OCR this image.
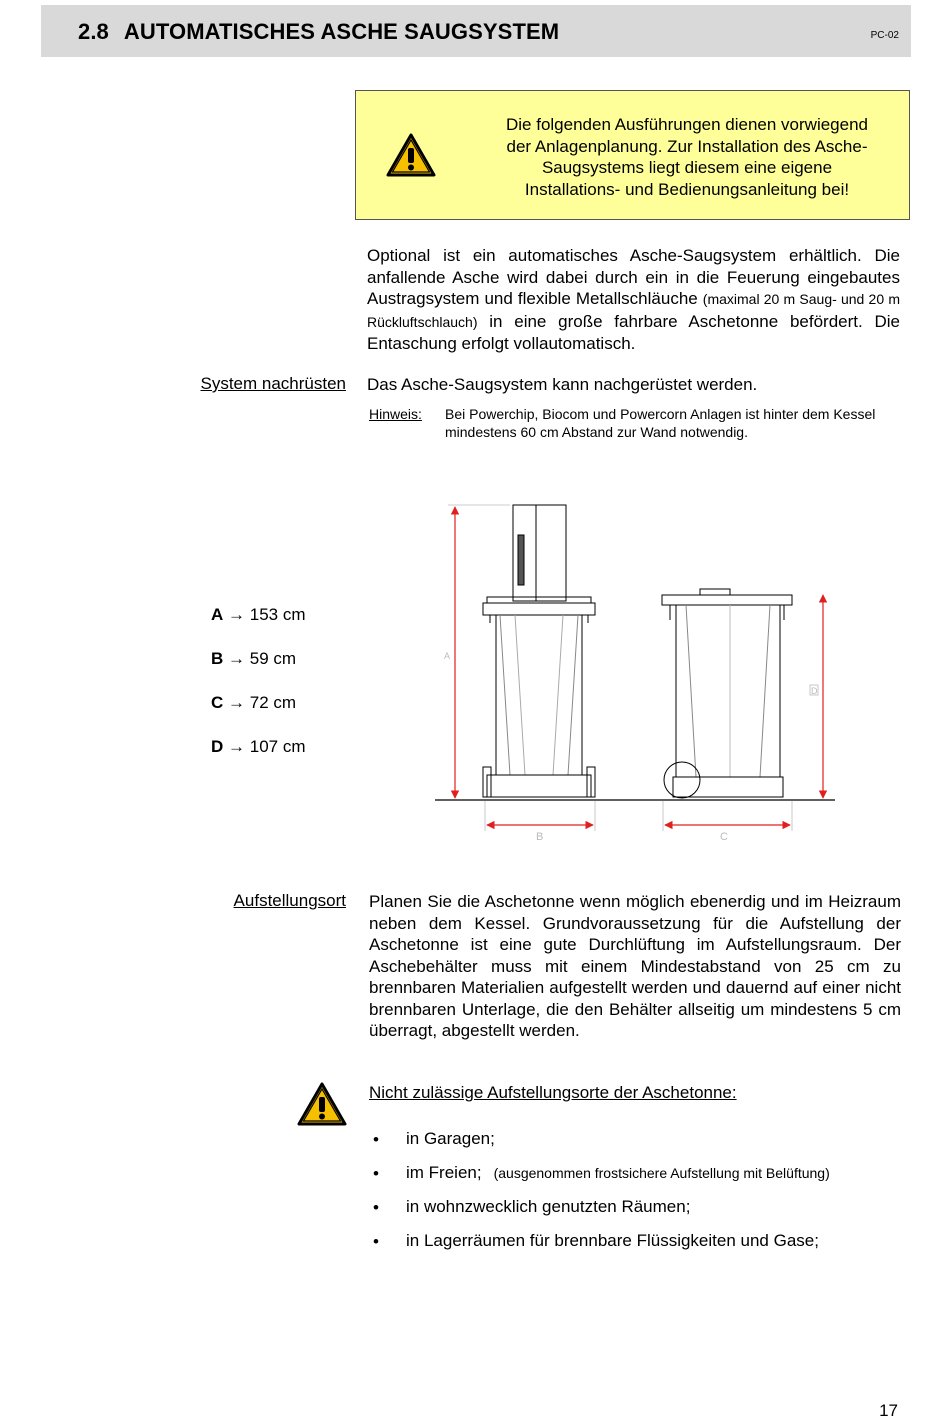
2.8 AUTOMATISCHES ASCHE SAUGSYSTEM	PC-02
Die folgenden Ausführungen dienen vorwiegend
der Anlagenplanung. Zur Installation des Asche-
Saugsystems liegt diesem eine eigene
Installations- und Bedienungsanleitung bei!
Optional ist ein automatisches Asche-Saugsystem erhältlich. Die anfallende Asche wird dabei durch ein in die Feuerung eingebautes Austragsystem und flexible Metallschläuche (maximal 20 m Saug- und 20 m Rückluftschlauch) in eine große fahrbare Aschetonne befördert. Die Entaschung erfolgt vollautomatisch.
System nachrüsten Das Asche-Saugsystem kann nachgerüstet werden.
Hinweis: Bei Powerchip, Biocom und Powercorn Anlagen ist hinter dem Kessel mindestens 60 cm Abstand zur Wand notwendig.
A → 153 cm
B → 59 cm
C → 72 cm
D → 107 cm
A
D
B	C
Aufstellungsort Planen Sie die Aschetonne wenn möglich ebenerdig und im Heizraum neben dem Kessel. Grundvoraussetzung für die Aufstellung der Aschetonne ist eine gute Durchlüftung im Aufstellungsraum. Der Aschebehälter muss mit einem Mindestabstand von 25 cm zu brennbaren Materialien aufgestellt werden und dauernd auf einer nicht brennbaren Unterlage, die den Behälter allseitig um mindestens 5 cm überragt, abgestellt werden.
Nicht zulässige Aufstellungsorte der Aschetonne:
• in Garagen;
• im Freien; (ausgenommen frostsichere Aufstellung mit Belüftung)
• in wohnzwecklich genutzten Räumen;
• in Lagerräumen für brennbare Flüssigkeiten und Gase;
17
